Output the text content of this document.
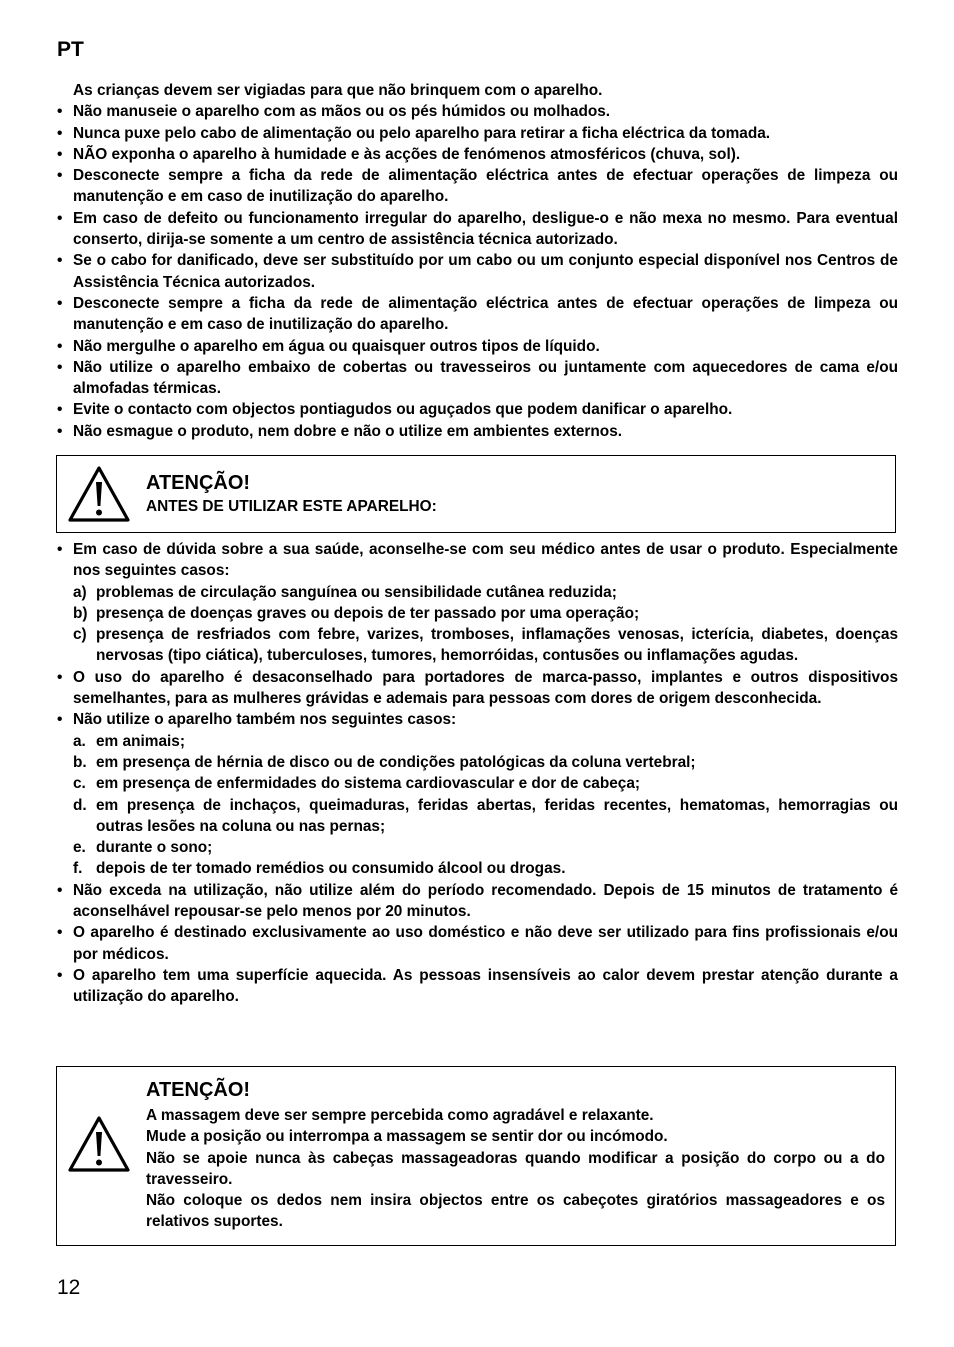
PT
As crianças devem ser vigiadas para que não brinquem com o aparelho.
• Não manuseie o aparelho com as mãos ou os pés húmidos ou molhados.
• Nunca puxe pelo cabo de alimentação ou pelo aparelho para retirar a ficha eléctrica da tomada.
• NÃO exponha o aparelho à humidade e às acções de fenómenos atmosféricos (chuva, sol).
• Desconecte sempre a ficha da rede de alimentação eléctrica antes de efectuar operações de limpeza ou manutenção e em caso de inutilização do aparelho.
• Em caso de defeito ou funcionamento irregular do aparelho, desligue-o e não mexa no mesmo. Para eventual conserto, dirija-se somente a um centro de assistência técnica autorizado.
• Se o cabo for danificado, deve ser substituído por um cabo ou um conjunto especial disponível nos Centros de Assistência Técnica autorizados.
• Desconecte sempre a ficha da rede de alimentação eléctrica antes de efectuar operações de limpeza ou manutenção e em caso de inutilização do aparelho.
• Não mergulhe o aparelho em água ou quaisquer outros tipos de líquido.
• Não utilize o aparelho embaixo de cobertas ou travesseiros ou juntamente com aquecedores de cama e/ou almofadas térmicas.
• Evite o contacto com objectos pontiagudos ou aguçados que podem danificar o aparelho.
• Não esmague o produto, nem dobre e não o utilize em ambientes externos.
ATENÇÃO!
ANTES DE UTILIZAR ESTE APARELHO:
• Em caso de dúvida sobre a sua saúde, aconselhe-se com seu médico antes de usar o produto. Especialmente nos seguintes casos:
a) problemas de circulação sanguínea ou sensibilidade cutânea reduzida;
b) presença de doenças graves ou depois de ter passado por uma operação;
c) presença de resfriados com febre, varizes, tromboses, inflamações venosas, icterícia, diabetes, doenças nervosas (tipo ciática), tuberculoses, tumores, hemorróidas, contusões ou inflamações agudas.
• O uso do aparelho é desaconselhado para portadores de marca-passo, implantes e outros dispositivos semelhantes, para as mulheres grávidas e ademais para pessoas com dores de origem desconhecida.
• Não utilize o aparelho também nos seguintes casos:
a. em animais;
b. em presença de hérnia de disco ou de condições patológicas da coluna vertebral;
c. em presença de enfermidades do sistema cardiovascular e dor de cabeça;
d. em presença de inchaços, queimaduras, feridas abertas, feridas recentes, hematomas, hemorragias ou outras lesões na coluna ou nas pernas;
e. durante o sono;
f. depois de ter tomado remédios ou consumido álcool ou drogas.
• Não exceda na utilização, não utilize além do período recomendado. Depois de 15 minutos de tratamento é aconselhável repousar-se pelo menos por 20 minutos.
• O aparelho é destinado exclusivamente ao uso doméstico e não deve ser utilizado para fins profissionais e/ou por médicos.
• O aparelho tem uma superfície aquecida. As pessoas insensíveis ao calor devem prestar atenção durante a utilização do aparelho.
ATENÇÃO!

A massagem deve ser sempre percebida como agradável e relaxante.

Mude a posição ou interrompa a massagem se sentir dor ou incómodo.

Não se apoie nunca às cabeças massageadoras quando modificar a posição do corpo ou a do travesseiro.

Não coloque os dedos nem insira objectos entre os cabeçotes giratórios massageadores e os relativos suportes.

12
